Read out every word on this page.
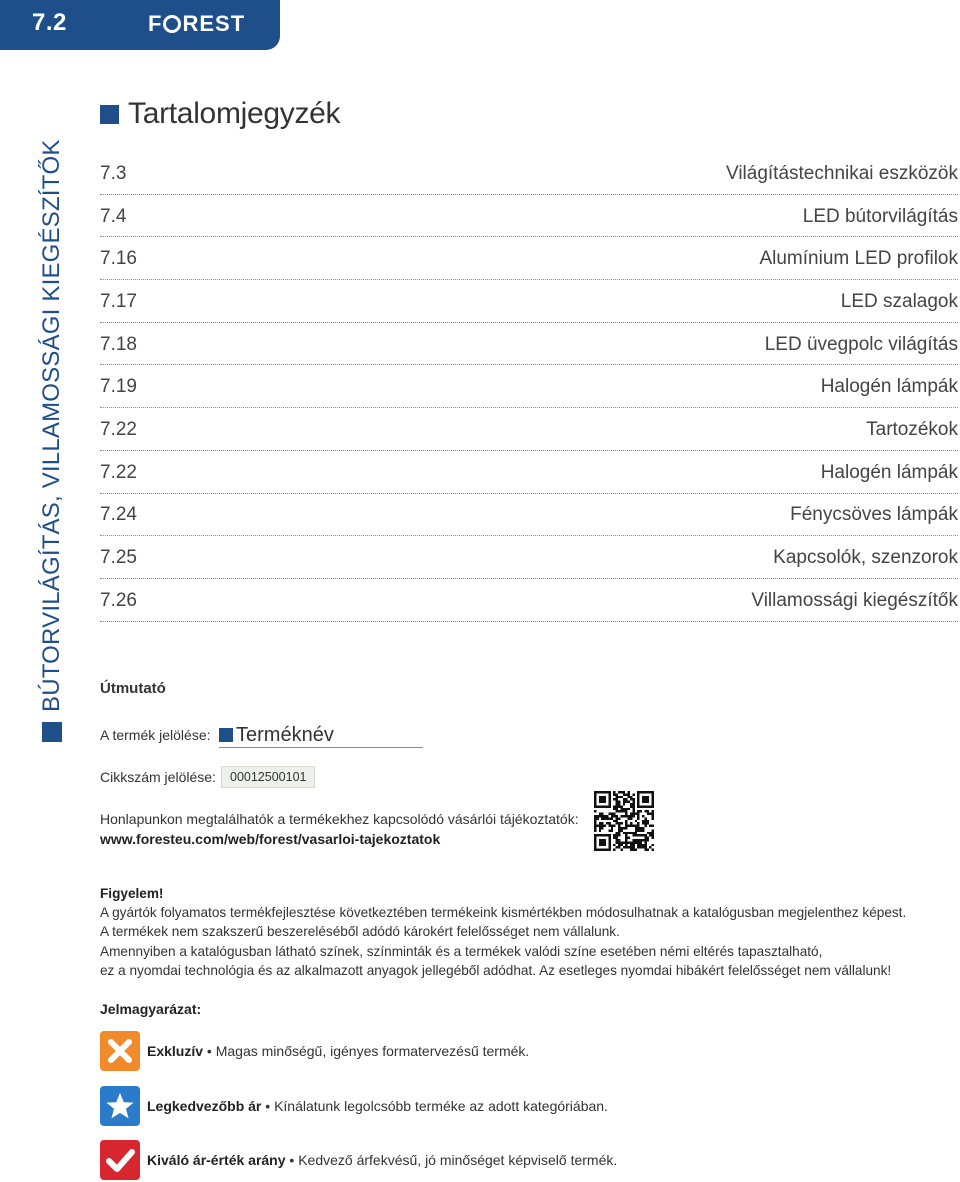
7.2	F REST
BÚTORVILÁGÍTÁS, VILLAMOSSÁGI KIEGÉSZÍTŐK
Tartalomjegyzék
7.3	Világítástechnikai eszközök
7.4	LED bútorvilágítás
7.16	Alumínium LED profilok
7.17	LED szalagok
7.18	LED üvegpolc világítás
7.19	Halogén lámpák
7.22	Tartozékok
7.22	Halogén lámpák
7.24	Fénycsöves lámpák
7.25	Kapcsolók, szenzorok
7.26	Villamossági kiegészítők
Útmutató
A termék jelölése: Terméknév
Cikkszám jelölése:	00012500101
Honlapunkon megtalálhatók a termékekhez kapcsolódó vásárlói tájékoztatók:
www.foresteu.com/web/forest/vasarloi-tajekoztatok
Figyelem!
A gyártók folyamatos termékfejlesztése következtében termékeink kismértékben módosulhatnak a katalógusban megjelenthez képest.
A termékek nem szakszerű beszereléséből adódó károkért felelősséget nem vállalunk.
Amennyiben a katalógusban látható színek, színminták és a termékek valódi színe esetében némi eltérés tapasztalható,
ez a nyomdai technológia és az alkalmazott anyagok jellegéből adódhat. Az esetleges nyomdai hibákért felelősséget nem vállalunk!
Jelmagyarázat:
Exkluzív • Magas minőségű, igényes formatervezésű termék.
Legkedvezőbb ár • Kínálatunk legolcsóbb terméke az adott kategóriában.
Kiváló ár-érték arány • Kedvező árfekvésű, jó minőséget képviselő termék.
